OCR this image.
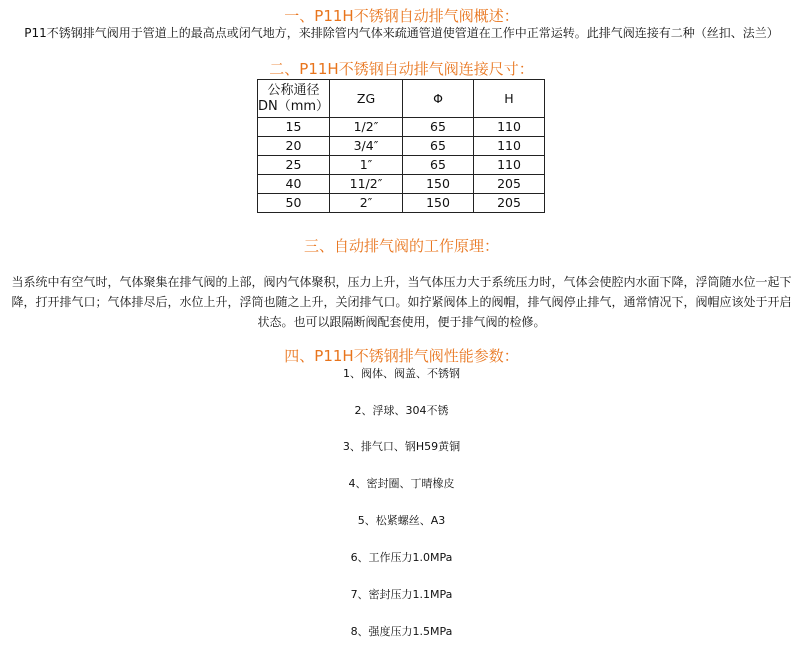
一、P11H不锈钢自动排气阀概述：

P11不锈钢排气阀用于管道上的最高点或闭气地方，来排除管内气体来疏通管道使管道在工作中正常运转。此排气阀连接有二种（丝扣、法兰）

二、P11H不锈钢自动排气阀连接尺寸：
公称通径
DN（mm）	ZG	Φ	H
15	1/2″	65	110
20	3/4″	65	110
25	1″	65	110
40	11/2″	150	205
50	2″	150	205
三、自动排气阀的工作原理：

当系统中有空气时，气体聚集在排气阀的上部，阀内气体聚积，压力上升，当气体压力大于系统压力时，气体会使腔内水面下降，浮筒随水位一起下降，打开排气口；气体排尽后，水位上升，浮筒也随之上升，关闭排气口。如拧紧阀体上的阀帽，排气阀停止排气，通常情况下，阀帽应该处于开启状态。也可以跟隔断阀配套使用，便于排气阀的检修。

四、P11H不锈钢排气阀性能参数：

1、阀体、阀盖、不锈钢

2、浮球、304不锈

3、排气口、钢H59黄铜

4、密封圈、丁晴橡皮

5、松紧螺丝、A3

6、工作压力1.0MPa

7、密封压力1.1MPa

8、强度压力1.5MPa
